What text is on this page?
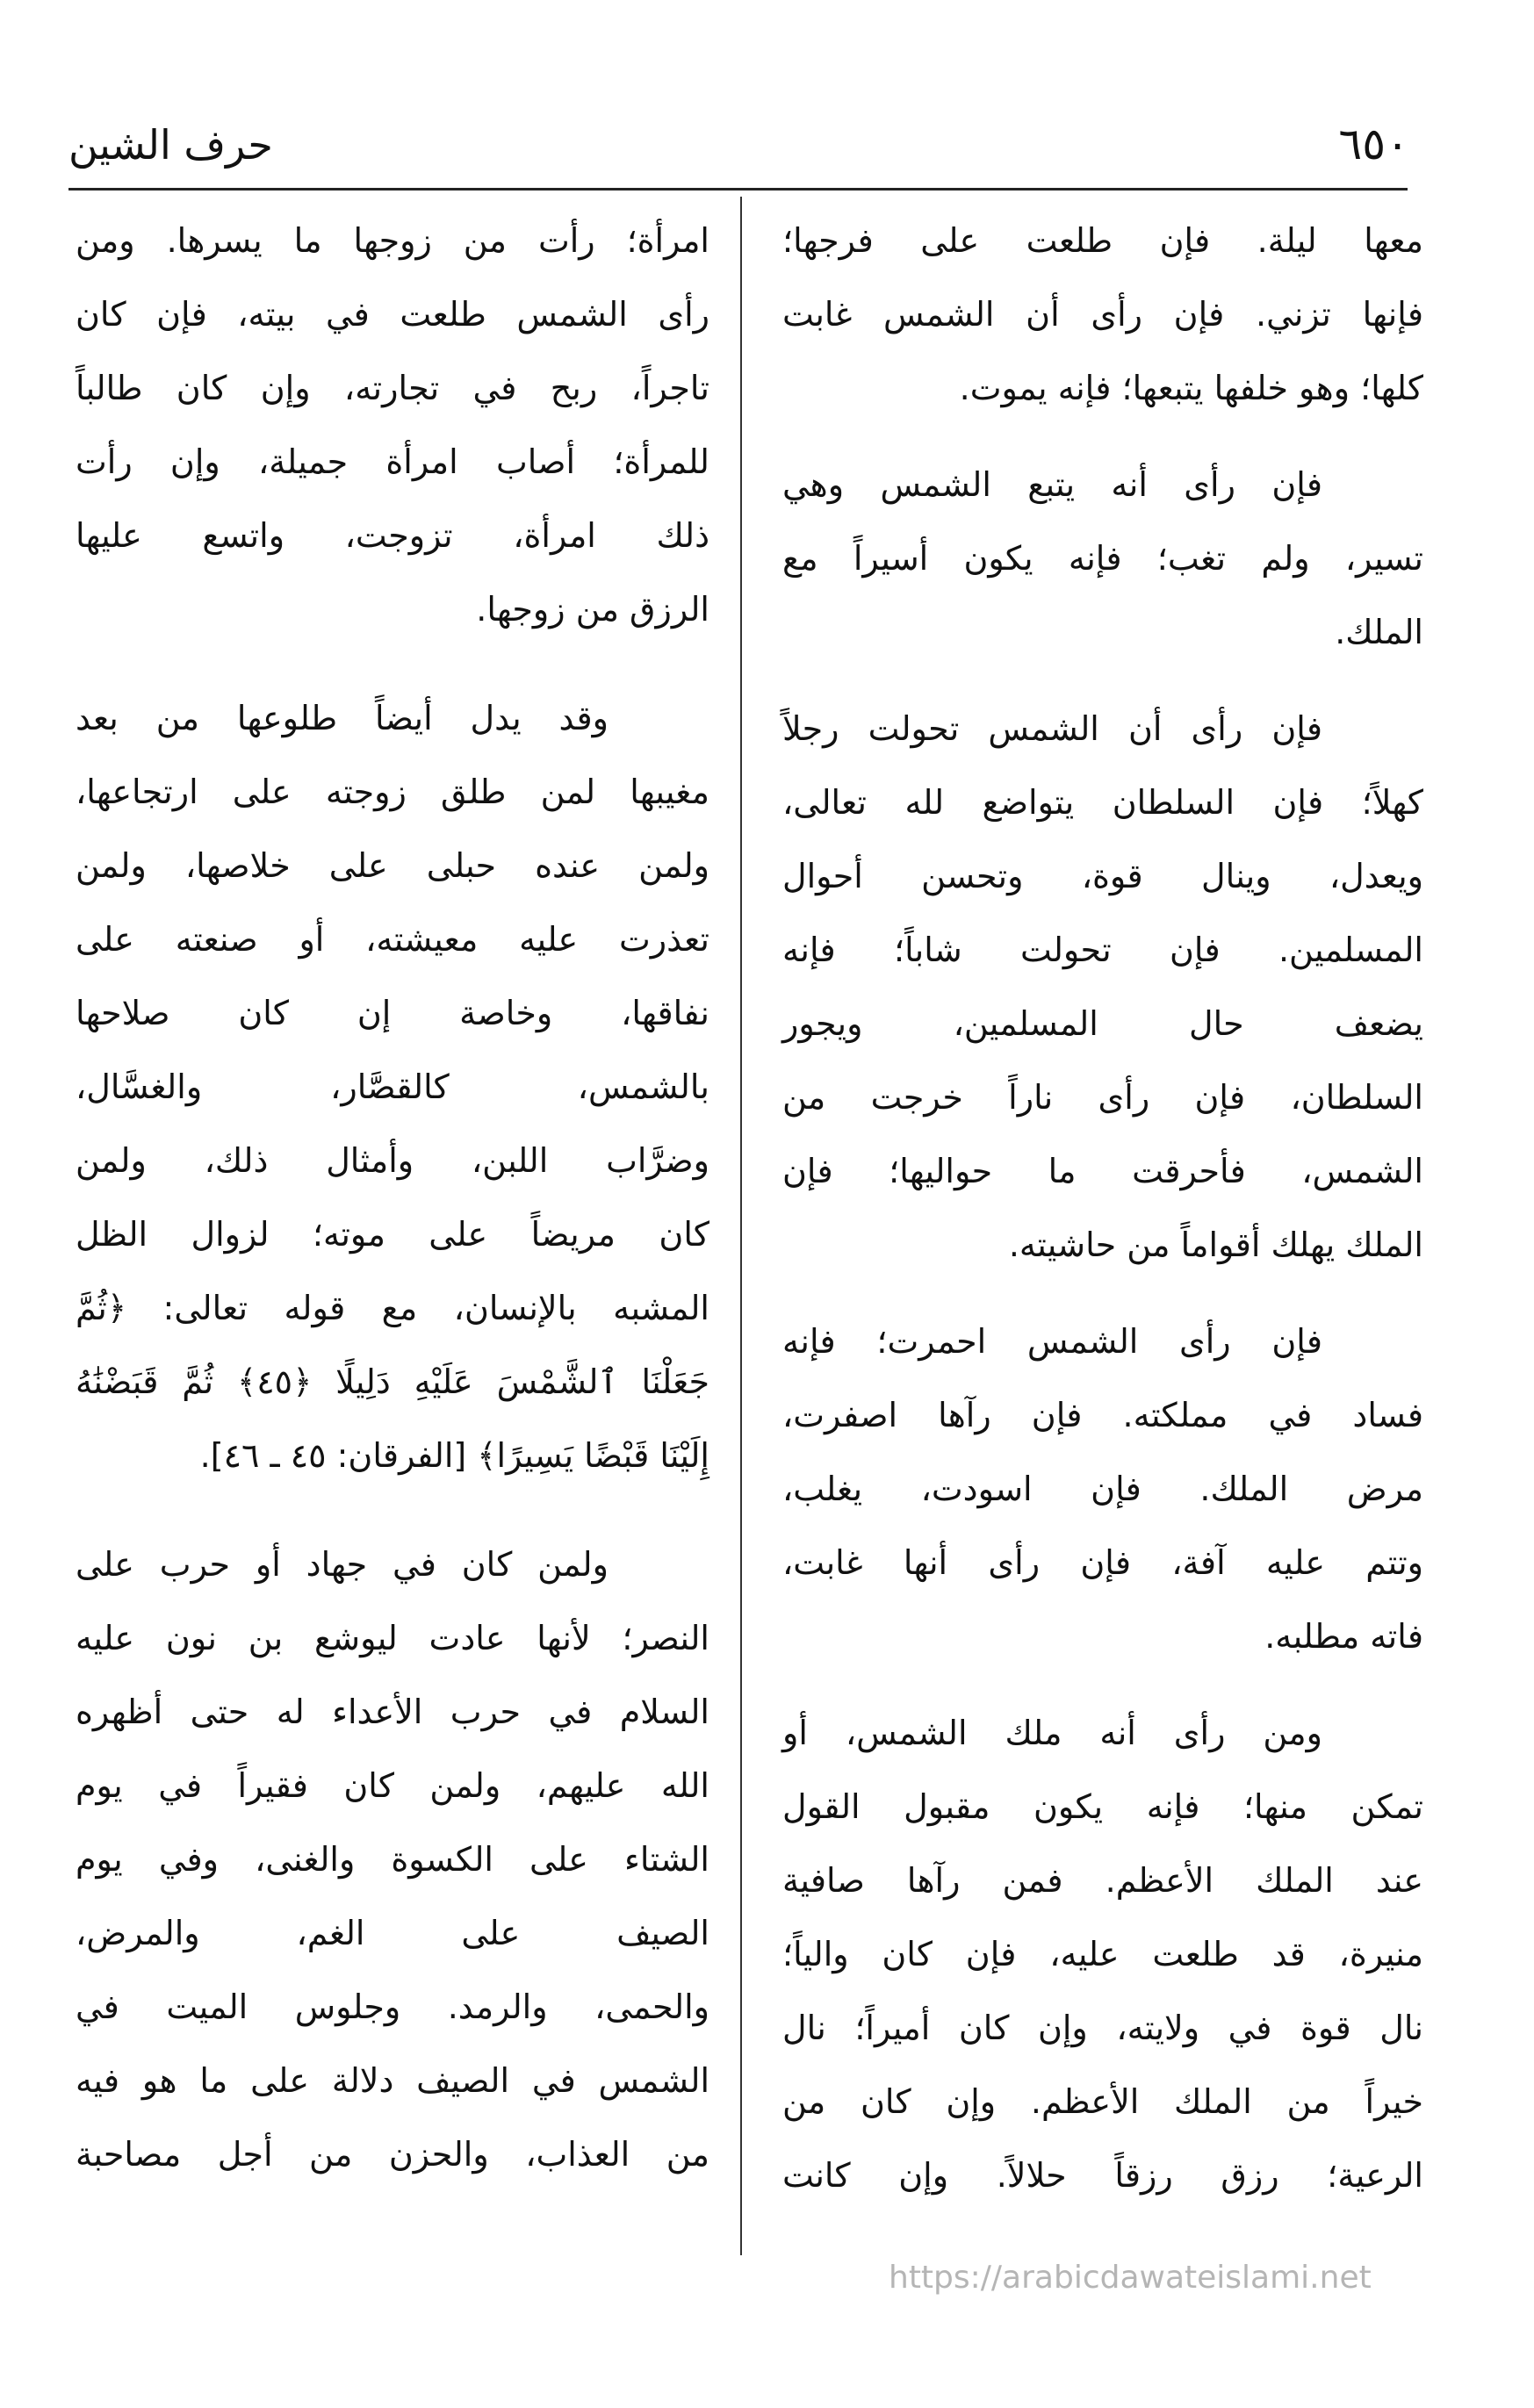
٦٥٠
حرف الشين
معها ليلة. فإن طلعت على فرجها؛
فإنها تزني. فإن رأى أن الشمس غابت
كلها؛ وهو خلفها يتبعها؛ فإنه يموت.
فإن رأى أنه يتبع الشمس وهي
تسير، ولم تغب؛ فإنه يكون أسيراً مع
الملك.
فإن رأى أن الشمس تحولت رجلاً
كهلاً؛ فإن السلطان يتواضع لله تعالى،
ويعدل، وينال قوة، وتحسن أحوال
المسلمين. فإن تحولت شاباً؛ فإنه
يضعف حال المسلمين، ويجور
السلطان، فإن رأى ناراً خرجت من
الشمس، فأحرقت ما حواليها؛ فإن
الملك يهلك أقواماً من حاشيته.
فإن رأى الشمس احمرت؛ فإنه
فساد في مملكته. فإن رآها اصفرت،
مرض الملك. فإن اسودت، يغلب،
وتتم عليه آفة، فإن رأى أنها غابت،
فاته مطلبه.
ومن رأى أنه ملك الشمس، أو
تمكن منها؛ فإنه يكون مقبول القول
عند الملك الأعظم. فمن رآها صافية
منيرة، قد طلعت عليه، فإن كان والياً؛
نال قوة في ولايته، وإن كان أميراً؛ نال
خيراً من الملك الأعظم. وإن كان من
الرعية؛ رزق رزقاً حلالاً. وإن كانت
امرأة؛ رأت من زوجها ما يسرها. ومن
رأى الشمس طلعت في بيته، فإن كان
تاجراً، ربح في تجارته، وإن كان طالباً
للمرأة؛ أصاب امرأة جميلة، وإن رأت
ذلك امرأة، تزوجت، واتسع عليها
الرزق من زوجها.
وقد يدل أيضاً طلوعها من بعد
مغيبها لمن طلق زوجته على ارتجاعها،
ولمن عنده حبلى على خلاصها، ولمن
تعذرت عليه معيشته، أو صنعته على
نفاقها، وخاصة إن كان صلاحها
بالشمس، كالقصَّار، والغسَّال،
وضرَّاب اللبن، وأمثال ذلك، ولمن
كان مريضاً على موته؛ لزوال الظل
المشبه بالإنسان، مع قوله تعالى: ﴿ثُمَّ
جَعَلْنَا ٱلشَّمْسَ عَلَيْهِ دَلِيلًا ﴿٤٥﴾ ثُمَّ قَبَضْنَٰهُ
إِلَيْنَا قَبْضًا يَسِيرًا﴾ [الفرقان: ٤٥ ـ ٤٦].
ولمن كان في جهاد أو حرب على
النصر؛ لأنها عادت ليوشع بن نون عليه
السلام في حرب الأعداء له حتى أظهره
الله عليهم، ولمن كان فقيراً في يوم
الشتاء على الكسوة والغنى، وفي يوم
الصيف على الغم، والمرض،
والحمى، والرمد. وجلوس الميت في
الشمس في الصيف دلالة على ما هو فيه
من العذاب، والحزن من أجل مصاحبة
https://arabicdawateislami.net
